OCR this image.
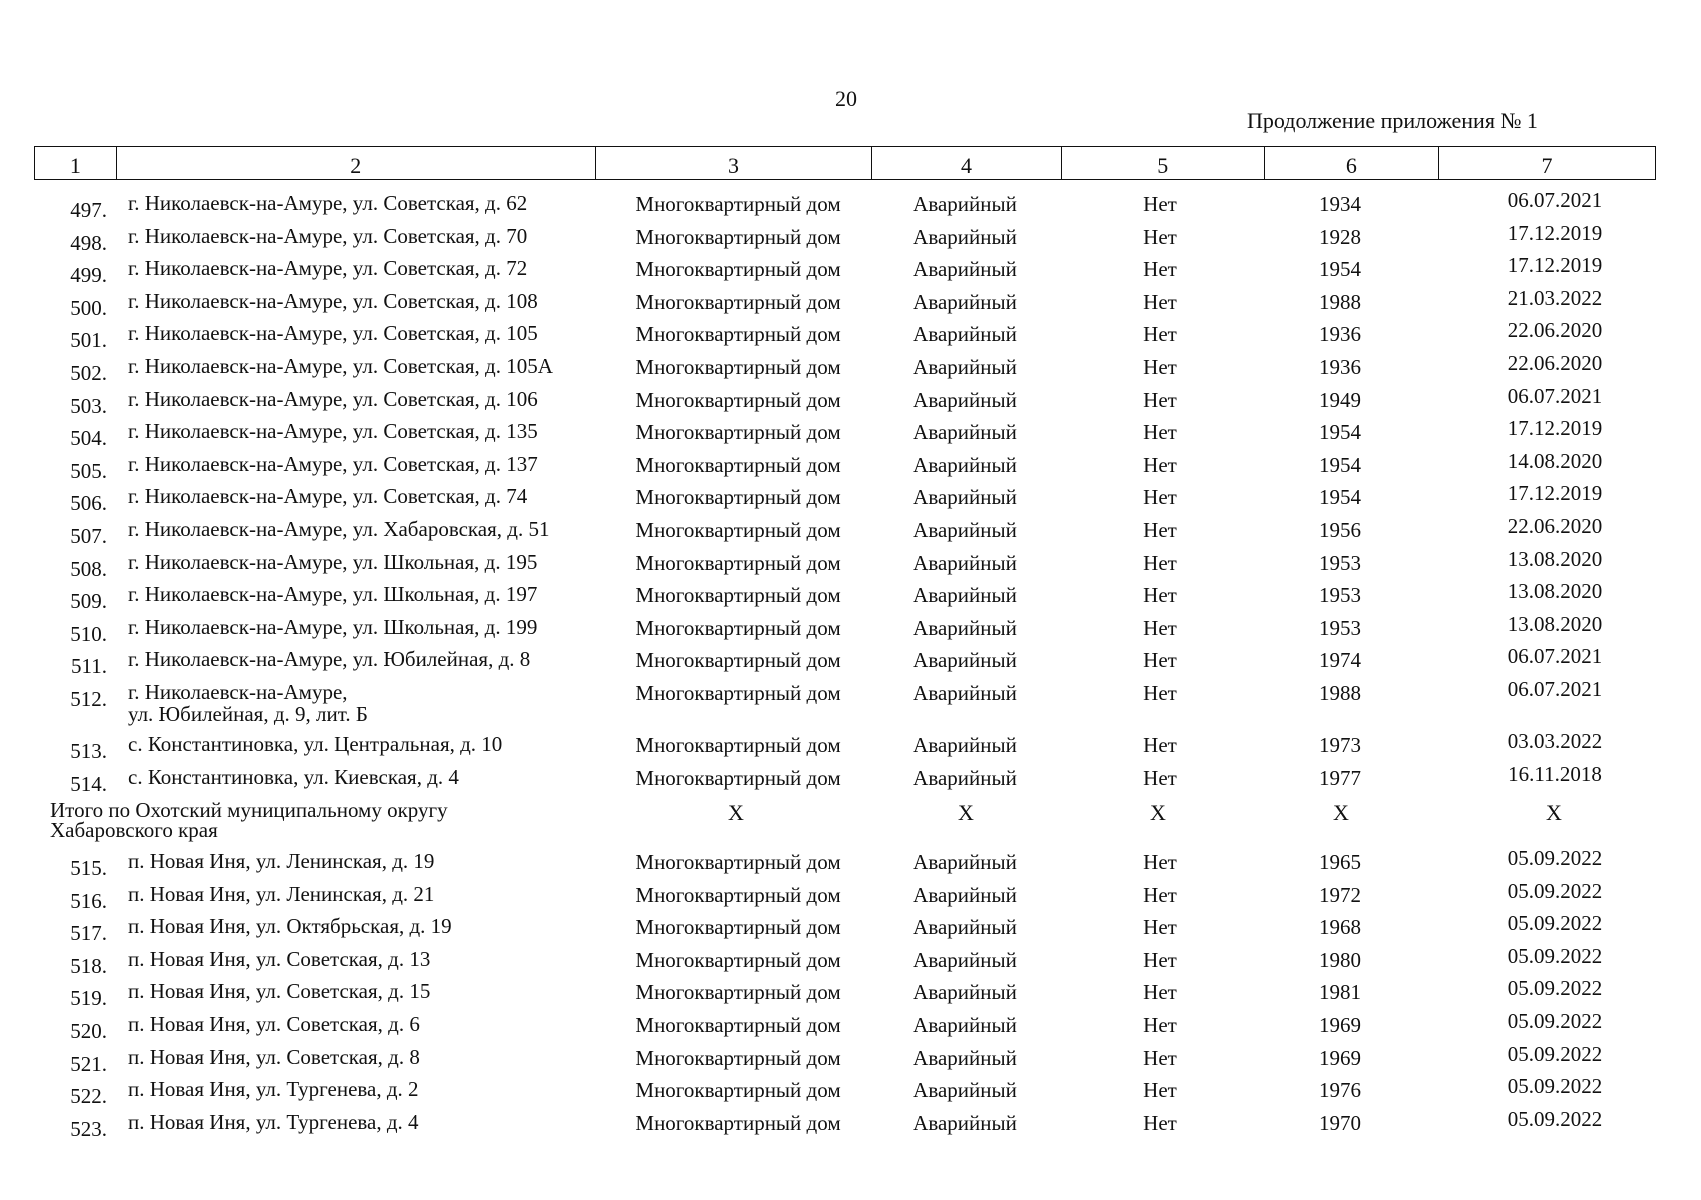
20
Продолжение приложения № 1
1	2	3	4	5	6	7
497. г. Николаевск-на-Амуре, ул. Советская, д. 62	Многоквартирный дом	Аварийный	Нет	1934	06.07.2021
498. г. Николаевск-на-Амуре, ул. Советская, д. 70	Многоквартирный дом	Аварийный	Нет	1928	17.12.2019
499. г. Николаевск-на-Амуре, ул. Советская, д. 72	Многоквартирный дом	Аварийный	Нет	1954	17.12.2019
500. г. Николаевск-на-Амуре, ул. Советская, д. 108	Многоквартирный дом	Аварийный	Нет	1988	21.03.2022
501. г. Николаевск-на-Амуре, ул. Советская, д. 105	Многоквартирный дом	Аварийный	Нет	1936	22.06.2020
502. г. Николаевск-на-Амуре, ул. Советская, д. 105А	Многоквартирный дом	Аварийный	Нет	1936	22.06.2020
503. г. Николаевск-на-Амуре, ул. Советская, д. 106	Многоквартирный дом	Аварийный	Нет	1949	06.07.2021
504. г. Николаевск-на-Амуре, ул. Советская, д. 135	Многоквартирный дом	Аварийный	Нет	1954	17.12.2019
505. г. Николаевск-на-Амуре, ул. Советская, д. 137	Многоквартирный дом	Аварийный	Нет	1954	14.08.2020
506. г. Николаевск-на-Амуре, ул. Советская, д. 74	Многоквартирный дом	Аварийный	Нет	1954	17.12.2019
507. г. Николаевск-на-Амуре, ул. Хабаровская, д. 51	Многоквартирный дом	Аварийный	Нет	1956	22.06.2020
508. г. Николаевск-на-Амуре, ул. Школьная, д. 195	Многоквартирный дом	Аварийный	Нет	1953	13.08.2020
509. г. Николаевск-на-Амуре, ул. Школьная, д. 197	Многоквартирный дом	Аварийный	Нет	1953	13.08.2020
510. г. Николаевск-на-Амуре, ул. Школьная, д. 199	Многоквартирный дом	Аварийный	Нет	1953	13.08.2020
511. г. Николаевск-на-Амуре, ул. Юбилейная, д. 8	Многоквартирный дом	Аварийный	Нет	1974	06.07.2021
512. г. Николаевск-на-Амуре,
ул. Юбилейная, д. 9, лит. Б
Многоквартирный дом	Аварийный	Нет	1988	06.07.2021
513. с. Константиновка, ул. Центральная, д. 10	Многоквартирный дом	Аварийный	Нет	1973	03.03.2022
514. с. Константиновка, ул. Киевская, д. 4	Многоквартирный дом	Аварийный	Нет	1977	16.11.2018
Итого по Охотский муниципальному округу
Хабаровского края
X	X	X	X	X
515. п. Новая Иня, ул. Ленинская, д. 19	Многоквартирный дом	Аварийный	Нет	1965	05.09.2022
516. п. Новая Иня, ул. Ленинская, д. 21	Многоквартирный дом	Аварийный	Нет	1972	05.09.2022
517. п. Новая Иня, ул. Октябрьская, д. 19	Многоквартирный дом	Аварийный	Нет	1968	05.09.2022
518. п. Новая Иня, ул. Советская, д. 13	Многоквартирный дом	Аварийный	Нет	1980	05.09.2022
519. п. Новая Иня, ул. Советская, д. 15	Многоквартирный дом	Аварийный	Нет	1981	05.09.2022
520. п. Новая Иня, ул. Советская, д. 6	Многоквартирный дом	Аварийный	Нет	1969	05.09.2022
521. п. Новая Иня, ул. Советская, д. 8	Многоквартирный дом	Аварийный	Нет	1969	05.09.2022
522. п. Новая Иня, ул. Тургенева, д. 2	Многоквартирный дом	Аварийный	Нет	1976	05.09.2022
523. п. Новая Иня, ул. Тургенева, д. 4	Многоквартирный дом	Аварийный	Нет	1970	05.09.2022
